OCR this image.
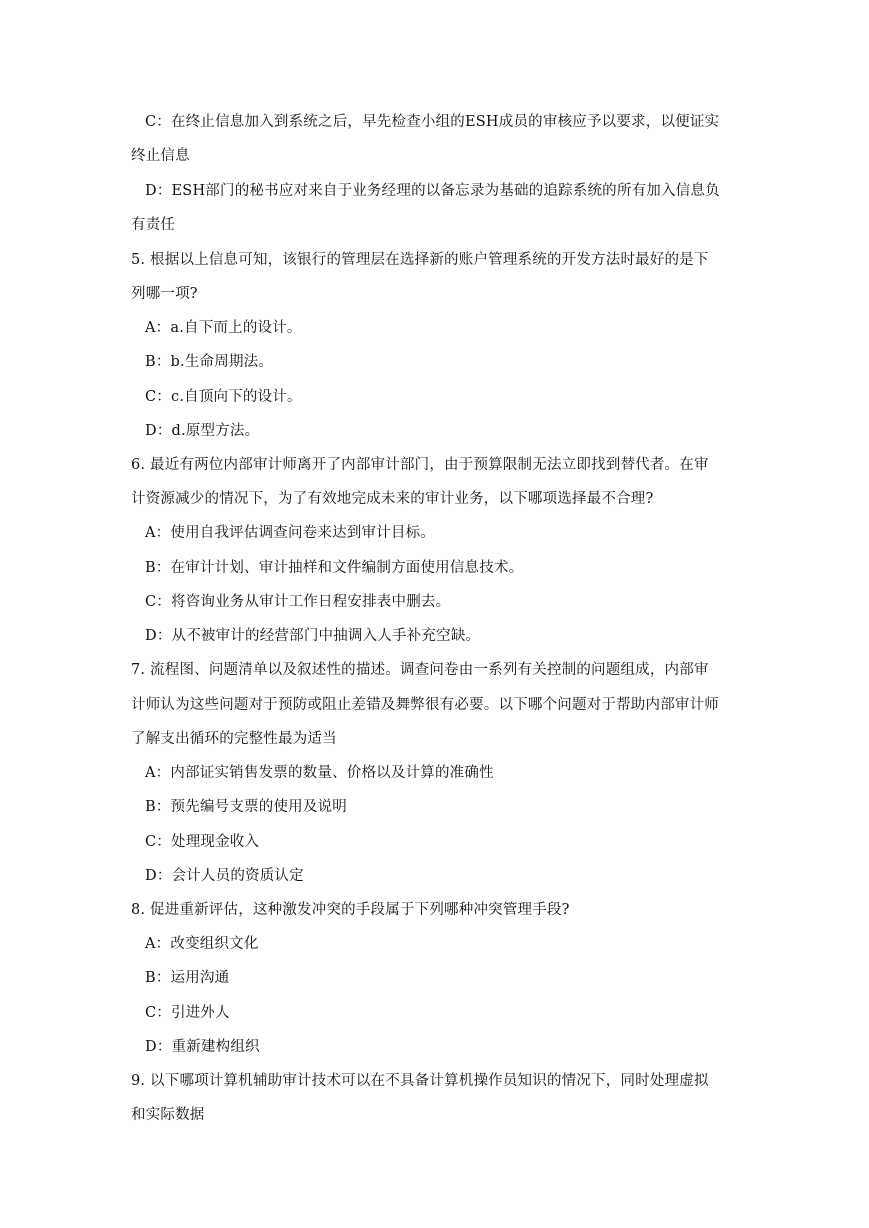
C：在终止信息加入到系统之后，早先检查小组的ESH成员的审核应予以要求，以便证实
终止信息
D：ESH部门的秘书应对来自于业务经理的以备忘录为基础的追踪系统的所有加入信息负
有责任
5. 根据以上信息可知，该银行的管理层在选择新的账户管理系统的开发方法时最好的是下
列哪一项?
A：a.自下而上的设计。
B：b.生命周期法。
C：c.自顶向下的设计。
D：d.原型方法。
6. 最近有两位内部审计师离开了内部审计部门，由于预算限制无法立即找到替代者。在审
计资源减少的情况下，为了有效地完成未来的审计业务，以下哪项选择最不合理?
A：使用自我评估调查问卷来达到审计目标。
B：在审计计划、审计抽样和文件编制方面使用信息技术。
C：将咨询业务从审计工作日程安排表中删去。
D：从不被审计的经营部门中抽调入人手补充空缺。
7. 流程图、问题清单以及叙述性的描述。调查问卷由一系列有关控制的问题组成，内部审
计师认为这些问题对于预防或阻止差错及舞弊很有必要。以下哪个问题对于帮助内部审计师
了解支出循环的完整性最为适当
A：内部证实销售发票的数量、价格以及计算的准确性
B：预先编号支票的使用及说明
C：处理现金收入
D：会计人员的资质认定
8. 促进重新评估，这种激发冲突的手段属于下列哪种冲突管理手段?
A：改变组织文化
B：运用沟通
C：引进外人
D：重新建构组织
9. 以下哪项计算机辅助审计技术可以在不具备计算机操作员知识的情况下，同时处理虚拟
和实际数据
